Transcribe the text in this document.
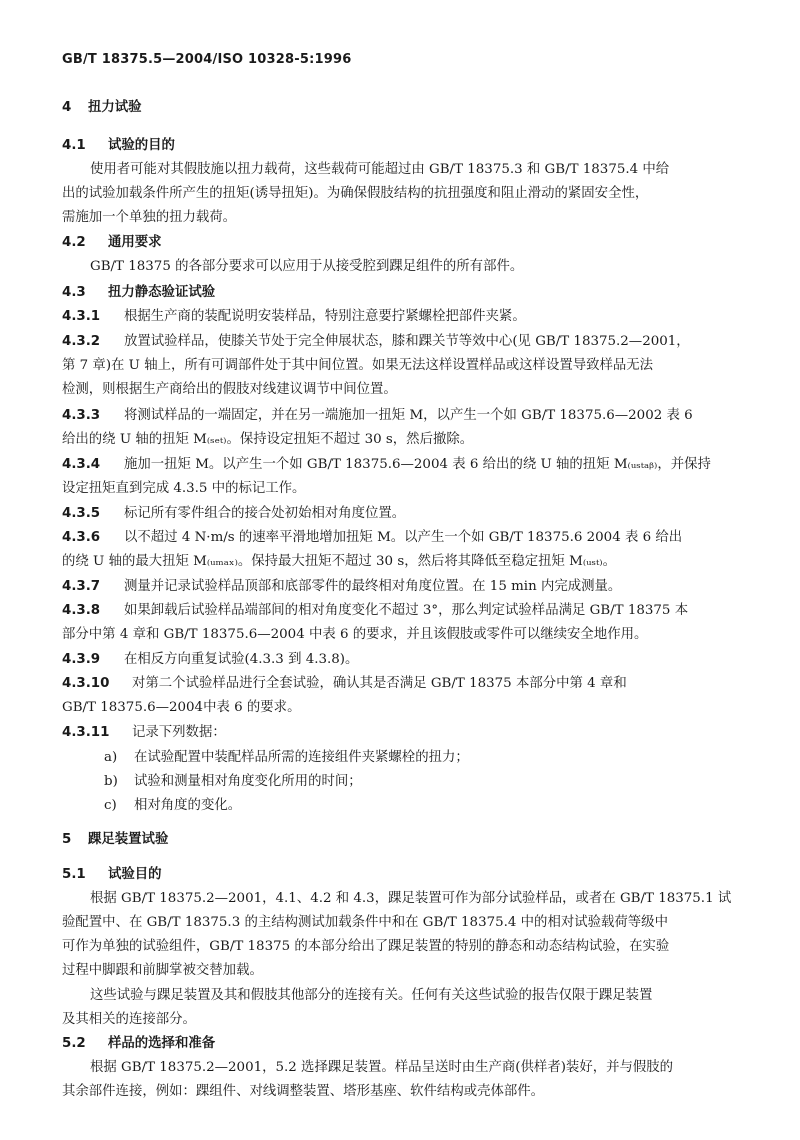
GB/T 18375.5—2004/ISO 10328-5:1996
4 扭力试验
4.1 试验的目的
使用者可能对其假肢施以扭力载荷，这些载荷可能超过由 GB/T 18375.3 和 GB/T 18375.4 中给
出的试验加载条件所产生的扭矩(诱导扭矩)。为确保假肢结构的抗扭强度和阻止滑动的紧固安全性，
需施加一个单独的扭力载荷。
4.2 通用要求
GB/T 18375 的各部分要求可以应用于从接受腔到踝足组件的所有部件。
4.3 扭力静态验证试验
4.3.1 根据生产商的装配说明安装样品，特别注意要拧紧螺栓把部件夹紧。
4.3.2 放置试验样品，使膝关节处于完全伸展状态，膝和踝关节等效中心(见 GB/T 18375.2—2001，
第 7 章)在 U 轴上，所有可调部件处于其中间位置。如果无法这样设置样品或这样设置导致样品无法
检测，则根据生产商给出的假肢对线建议调节中间位置。
4.3.3 将测试样品的一端固定，并在另一端施加一扭矩 M，以产生一个如 GB/T 18375.6—2002 表 6
给出的绕 U 轴的扭矩 M₍ₛₑₜ₎。保持设定扭矩不超过 30 s，然后撤除。
4.3.4 施加一扭矩 M。以产生一个如 GB/T 18375.6—2004 表 6 给出的绕 U 轴的扭矩 M₍ᵤₛₜₐᵦ₎，并保持
设定扭矩直到完成 4.3.5 中的标记工作。
4.3.5 标记所有零件组合的接合处初始相对角度位置。
4.3.6 以不超过 4 N·m/s 的速率平滑地增加扭矩 M。以产生一个如 GB/T 18375.6 2004 表 6 给出
的绕 U 轴的最大扭矩 M₍ᵤₘₐₓ₎。保持最大扭矩不超过 30 s，然后将其降低至稳定扭矩 M₍ᵤₛₜ₎。
4.3.7 测量并记录试验样品顶部和底部零件的最终相对角度位置。在 15 min 内完成测量。
4.3.8 如果卸载后试验样品端部间的相对角度变化不超过 3°，那么判定试验样品满足 GB/T 18375 本
部分中第 4 章和 GB/T 18375.6—2004 中表 6 的要求，并且该假肢或零件可以继续安全地作用。
4.3.9 在相反方向重复试验(4.3.3 到 4.3.8)。
4.3.10 对第二个试验样品进行全套试验，确认其是否满足 GB/T 18375 本部分中第 4 章和
GB/T 18375.6—2004中表 6 的要求。
4.3.11 记录下列数据：
a) 在试验配置中装配样品所需的连接组件夹紧螺栓的扭力；
b) 试验和测量相对角度变化所用的时间；
c) 相对角度的变化。
5 踝足装置试验
5.1 试验目的
根据 GB/T 18375.2—2001，4.1、4.2 和 4.3，踝足装置可作为部分试验样品，或者在 GB/T 18375.1 试
验配置中、在 GB/T 18375.3 的主结构测试加载条件中和在 GB/T 18375.4 中的相对试验载荷等级中
可作为单独的试验组件，GB/T 18375 的本部分给出了踝足装置的特别的静态和动态结构试验，在实验
过程中脚跟和前脚掌被交替加载。
这些试验与踝足装置及其和假肢其他部分的连接有关。任何有关这些试验的报告仅限于踝足装置
及其相关的连接部分。
5.2 样品的选择和准备
根据 GB/T 18375.2—2001，5.2 选择踝足装置。样品呈送时由生产商(供样者)装好，并与假肢的
其余部件连接，例如：踝组件、对线调整装置、塔形基座、软件结构或壳体部件。
